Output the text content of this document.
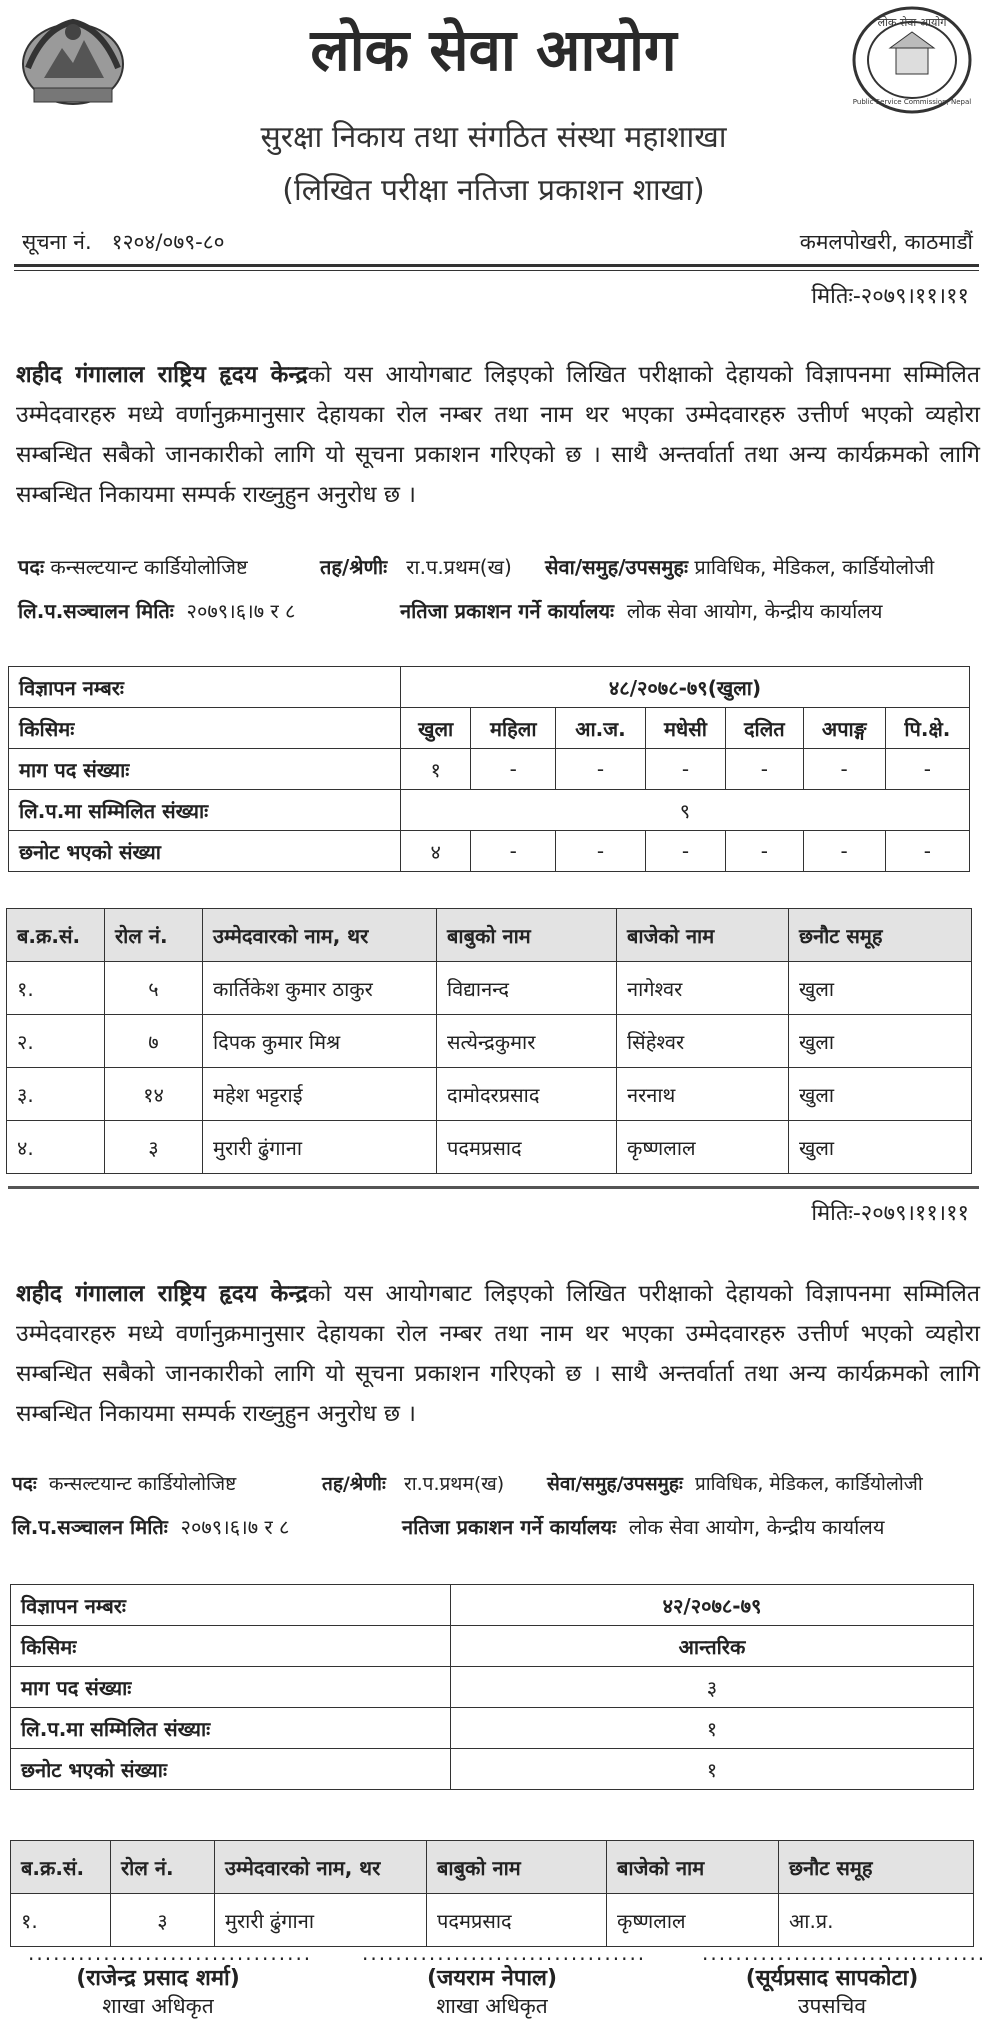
लोक सेवा आयोग	लोक सेवा आयोग
Public Service Commission, Nepal
सुरक्षा निकाय तथा संगठित संस्था महाशाखा
(लिखित परीक्षा नतिजा प्रकाशन शाखा)
सूचना नं. १२०४/०७९-८०	कमलपोखरी, काठमाडौं
मितिः-२०७९।११।११
शहीद गंगालाल राष्ट्रिय हृदय केन्द्रको यस आयोगबाट लिइएको लिखित परीक्षाको देहायको विज्ञापनमा सम्मिलित उम्मेदवारहरु मध्ये वर्णानुक्रमानुसार देहायका रोल नम्बर तथा नाम थर भएका उम्मेदवारहरु उत्तीर्ण भएको व्यहोरा सम्बन्धित सबैको जानकारीको लागि यो सूचना प्रकाशन गरिएको छ । साथै अन्तर्वार्ता तथा अन्य कार्यक्रमको लागि सम्बन्धित निकायमा सम्पर्क राख्नुहुन अनुरोध छ ।
पदः कन्सल्टयान्ट कार्डियोलोजिष्ट	तह/श्रेणीः रा.प.प्रथम(ख) सेवा/समुह/उपसमुहः प्राविधिक, मेडिकल, कार्डियोलोजी
लि.प.सञ्चालन मितिः २०७९।६।७ र ८	नतिजा प्रकाशन गर्ने कार्यालयः लोक सेवा आयोग, केन्द्रीय कार्यालय
विज्ञापन नम्बरः	४८/२०७८-७९(खुला)						
किसिमः	खुला	महिला	आ.ज.	मधेसी	दलित	अपाङ्ग	पि.क्षे.
माग पद संख्याः	१	-	-	-	-	-	-
लि.प.मा सम्मिलित संख्याः	९						
छनोट भएको संख्या	४	-	-	-	-	-	-
ब.क्र.सं.	रोल नं.	उम्मेदवारको नाम, थर	बाबुको नाम	बाजेको नाम	छनौट समूह
१.	५	कार्तिकेश कुमार ठाकुर	विद्यानन्द	नागेश्वर	खुला
२.	७	दिपक कुमार मिश्र	सत्येन्द्रकुमार	सिंहेश्वर	खुला
३.	१४	महेश भट्टराई	दामोदरप्रसाद	नरनाथ	खुला
४.	३	मुरारी ढुंगाना	पदमप्रसाद	कृष्णलाल	खुला
मितिः-२०७९।११।११
शहीद गंगालाल राष्ट्रिय हृदय केन्द्रको यस आयोगबाट लिइएको लिखित परीक्षाको देहायको विज्ञापनमा सम्मिलित उम्मेदवारहरु मध्ये वर्णानुक्रमानुसार देहायका रोल नम्बर तथा नाम थर भएका उम्मेदवारहरु उत्तीर्ण भएको व्यहोरा सम्बन्धित सबैको जानकारीको लागि यो सूचना प्रकाशन गरिएको छ । साथै अन्तर्वार्ता तथा अन्य कार्यक्रमको लागि सम्बन्धित निकायमा सम्पर्क राख्नुहुन अनुरोध छ ।
पदः कन्सल्टयान्ट कार्डियोलोजिष्ट	तह/श्रेणीः रा.प.प्रथम(ख) सेवा/समुह/उपसमुहः प्राविधिक, मेडिकल, कार्डियोलोजी
लि.प.सञ्चालन मितिः २०७९।६।७ र ८	नतिजा प्रकाशन गर्ने कार्यालयः लोक सेवा आयोग, केन्द्रीय कार्यालय
विज्ञापन नम्बरः	४२/२०७८-७९
किसिमः	आन्तरिक
माग पद संख्याः	३
लि.प.मा सम्मिलित संख्याः	१
छनोट भएको संख्याः	१
ब.क्र.सं.	रोल नं.	उम्मेदवारको नाम, थर	बाबुको नाम	बाजेको नाम	छनौट समूह
१.	३	मुरारी ढुंगाना	पदमप्रसाद	कृष्णलाल	आ.प्र.
..................................
(राजेन्द्र प्रसाद शर्मा)
शाखा अधिकृत
..................................
(जयराम नेपाल)
शाखा अधिकृत
..................................
(सूर्यप्रसाद सापकोटा)
उपसचिव
